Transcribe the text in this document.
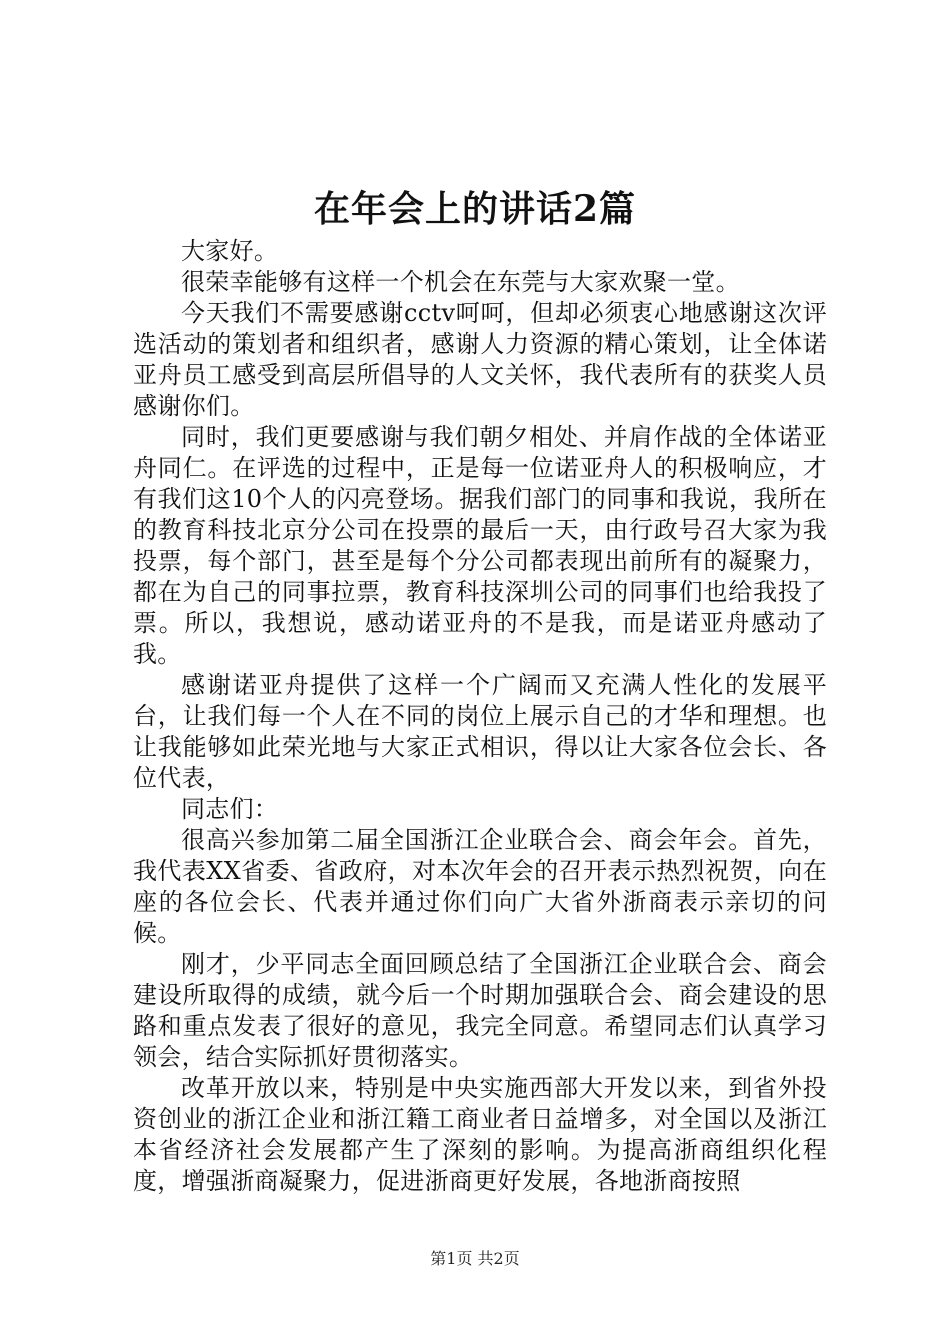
在年会上的讲话2篇

大家好。

很荣幸能够有这样一个机会在东莞与大家欢聚一堂。

今天我们不需要感谢cctv呵呵，但却必须衷心地感谢这次评选活动的策划者和组织者，感谢人力资源的精心策划，让全体诺亚舟员工感受到高层所倡导的人文关怀，我代表所有的获奖人员感谢你们。

同时，我们更要感谢与我们朝夕相处、并肩作战的全体诺亚舟同仁。在评选的过程中，正是每一位诺亚舟人的积极响应，才有我们这10个人的闪亮登场。据我们部门的同事和我说，我所在的教育科技北京分公司在投票的最后一天，由行政号召大家为我投票，每个部门，甚至是每个分公司都表现出前所有的凝聚力，都在为自己的同事拉票，教育科技深圳公司的同事们也给我投了票。所以，我想说，感动诺亚舟的不是我，而是诺亚舟感动了我。

感谢诺亚舟提供了这样一个广阔而又充满人性化的发展平台，让我们每一个人在不同的岗位上展示自己的才华和理想。也让我能够如此荣光地与大家正式相识，得以让大家各位会长、各位代表，

同志们：

很高兴参加第二届全国浙江企业联合会、商会年会。首先，我代表XX省委、省政府，对本次年会的召开表示热烈祝贺，向在座的各位会长、代表并通过你们向广大省外浙商表示亲切的问候。

刚才，少平同志全面回顾总结了全国浙江企业联合会、商会建设所取得的成绩，就今后一个时期加强联合会、商会建设的思路和重点发表了很好的意见，我完全同意。希望同志们认真学习领会，结合实际抓好贯彻落实。

改革开放以来，特别是中央实施西部大开发以来，到省外投资创业的浙江企业和浙江籍工商业者日益增多，对全国以及浙江本省经济社会发展都产生了深刻的影响。为提高浙商组织化程度，增强浙商凝聚力，促进浙商更好发展，各地浙商按照

第1页 共2页
